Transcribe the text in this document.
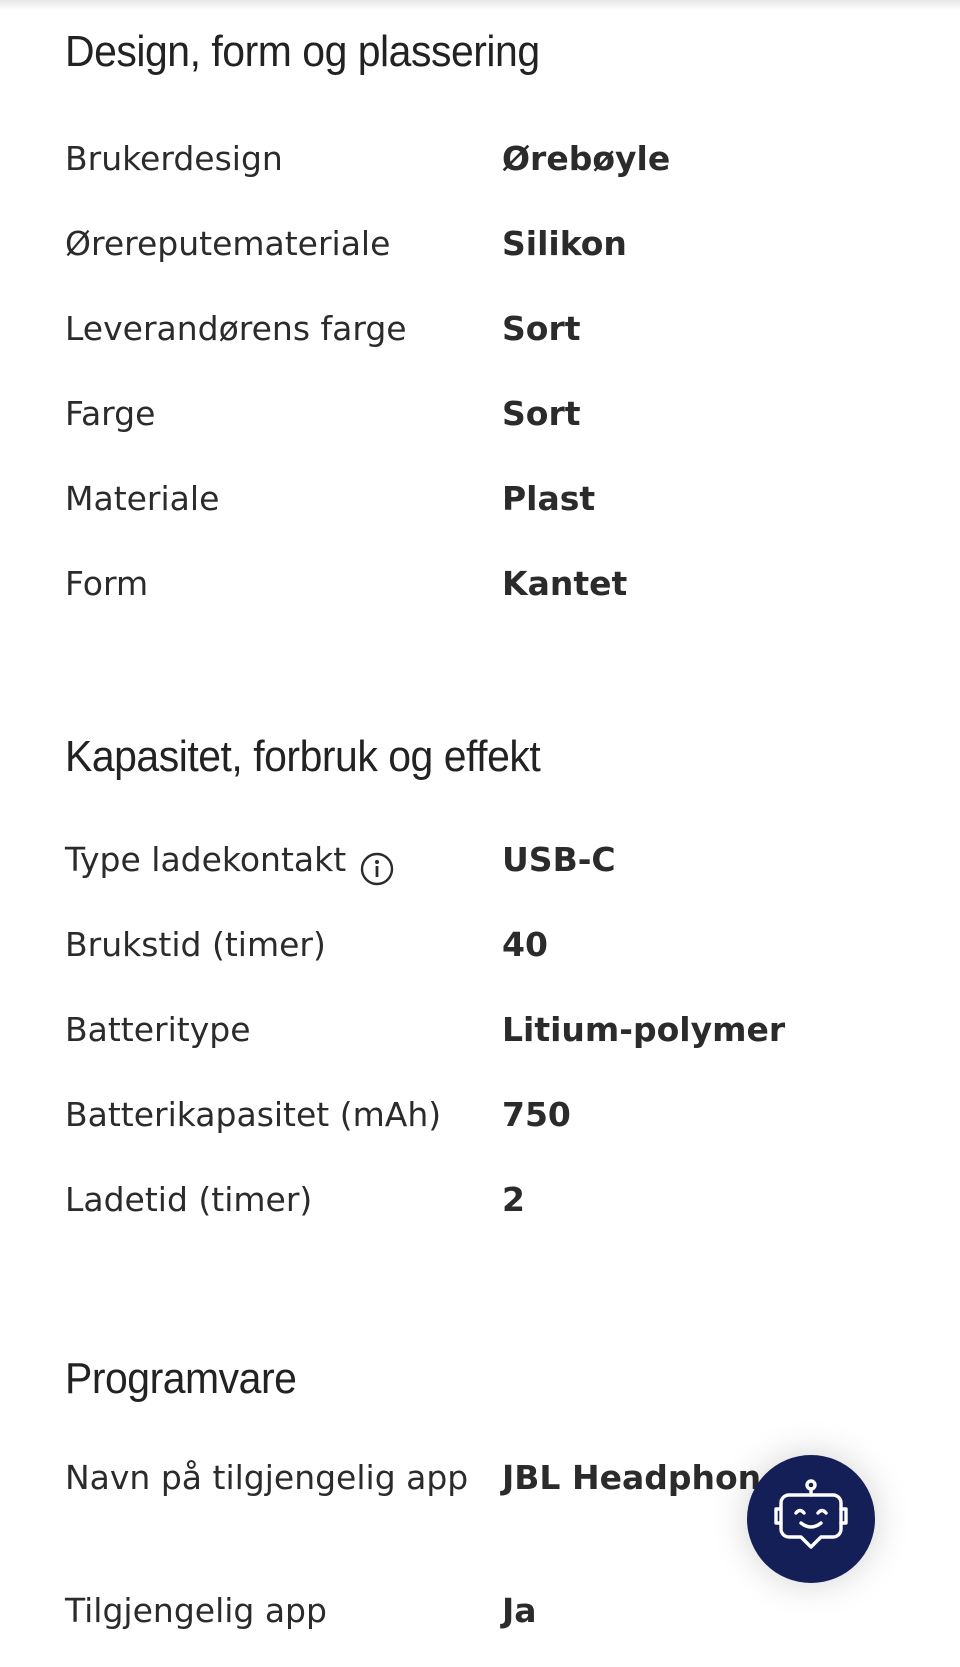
Design, form og plassering
Brukerdesign	Ørebøyle
Ørereputemateriale	Silikon
Leverandørens farge	Sort
Farge	Sort
Materiale	Plast
Form	Kantet
Kapasitet, forbruk og effekt
Type ladekontakt	USB-C
Brukstid (timer)	40
Batteritype	Litium-polymer
Batterikapasitet (mAh)	750
Ladetid (timer)	2
Programvare
Navn på tilgjengelig app	JBL Headphon
Tilgjengelig app	Ja
